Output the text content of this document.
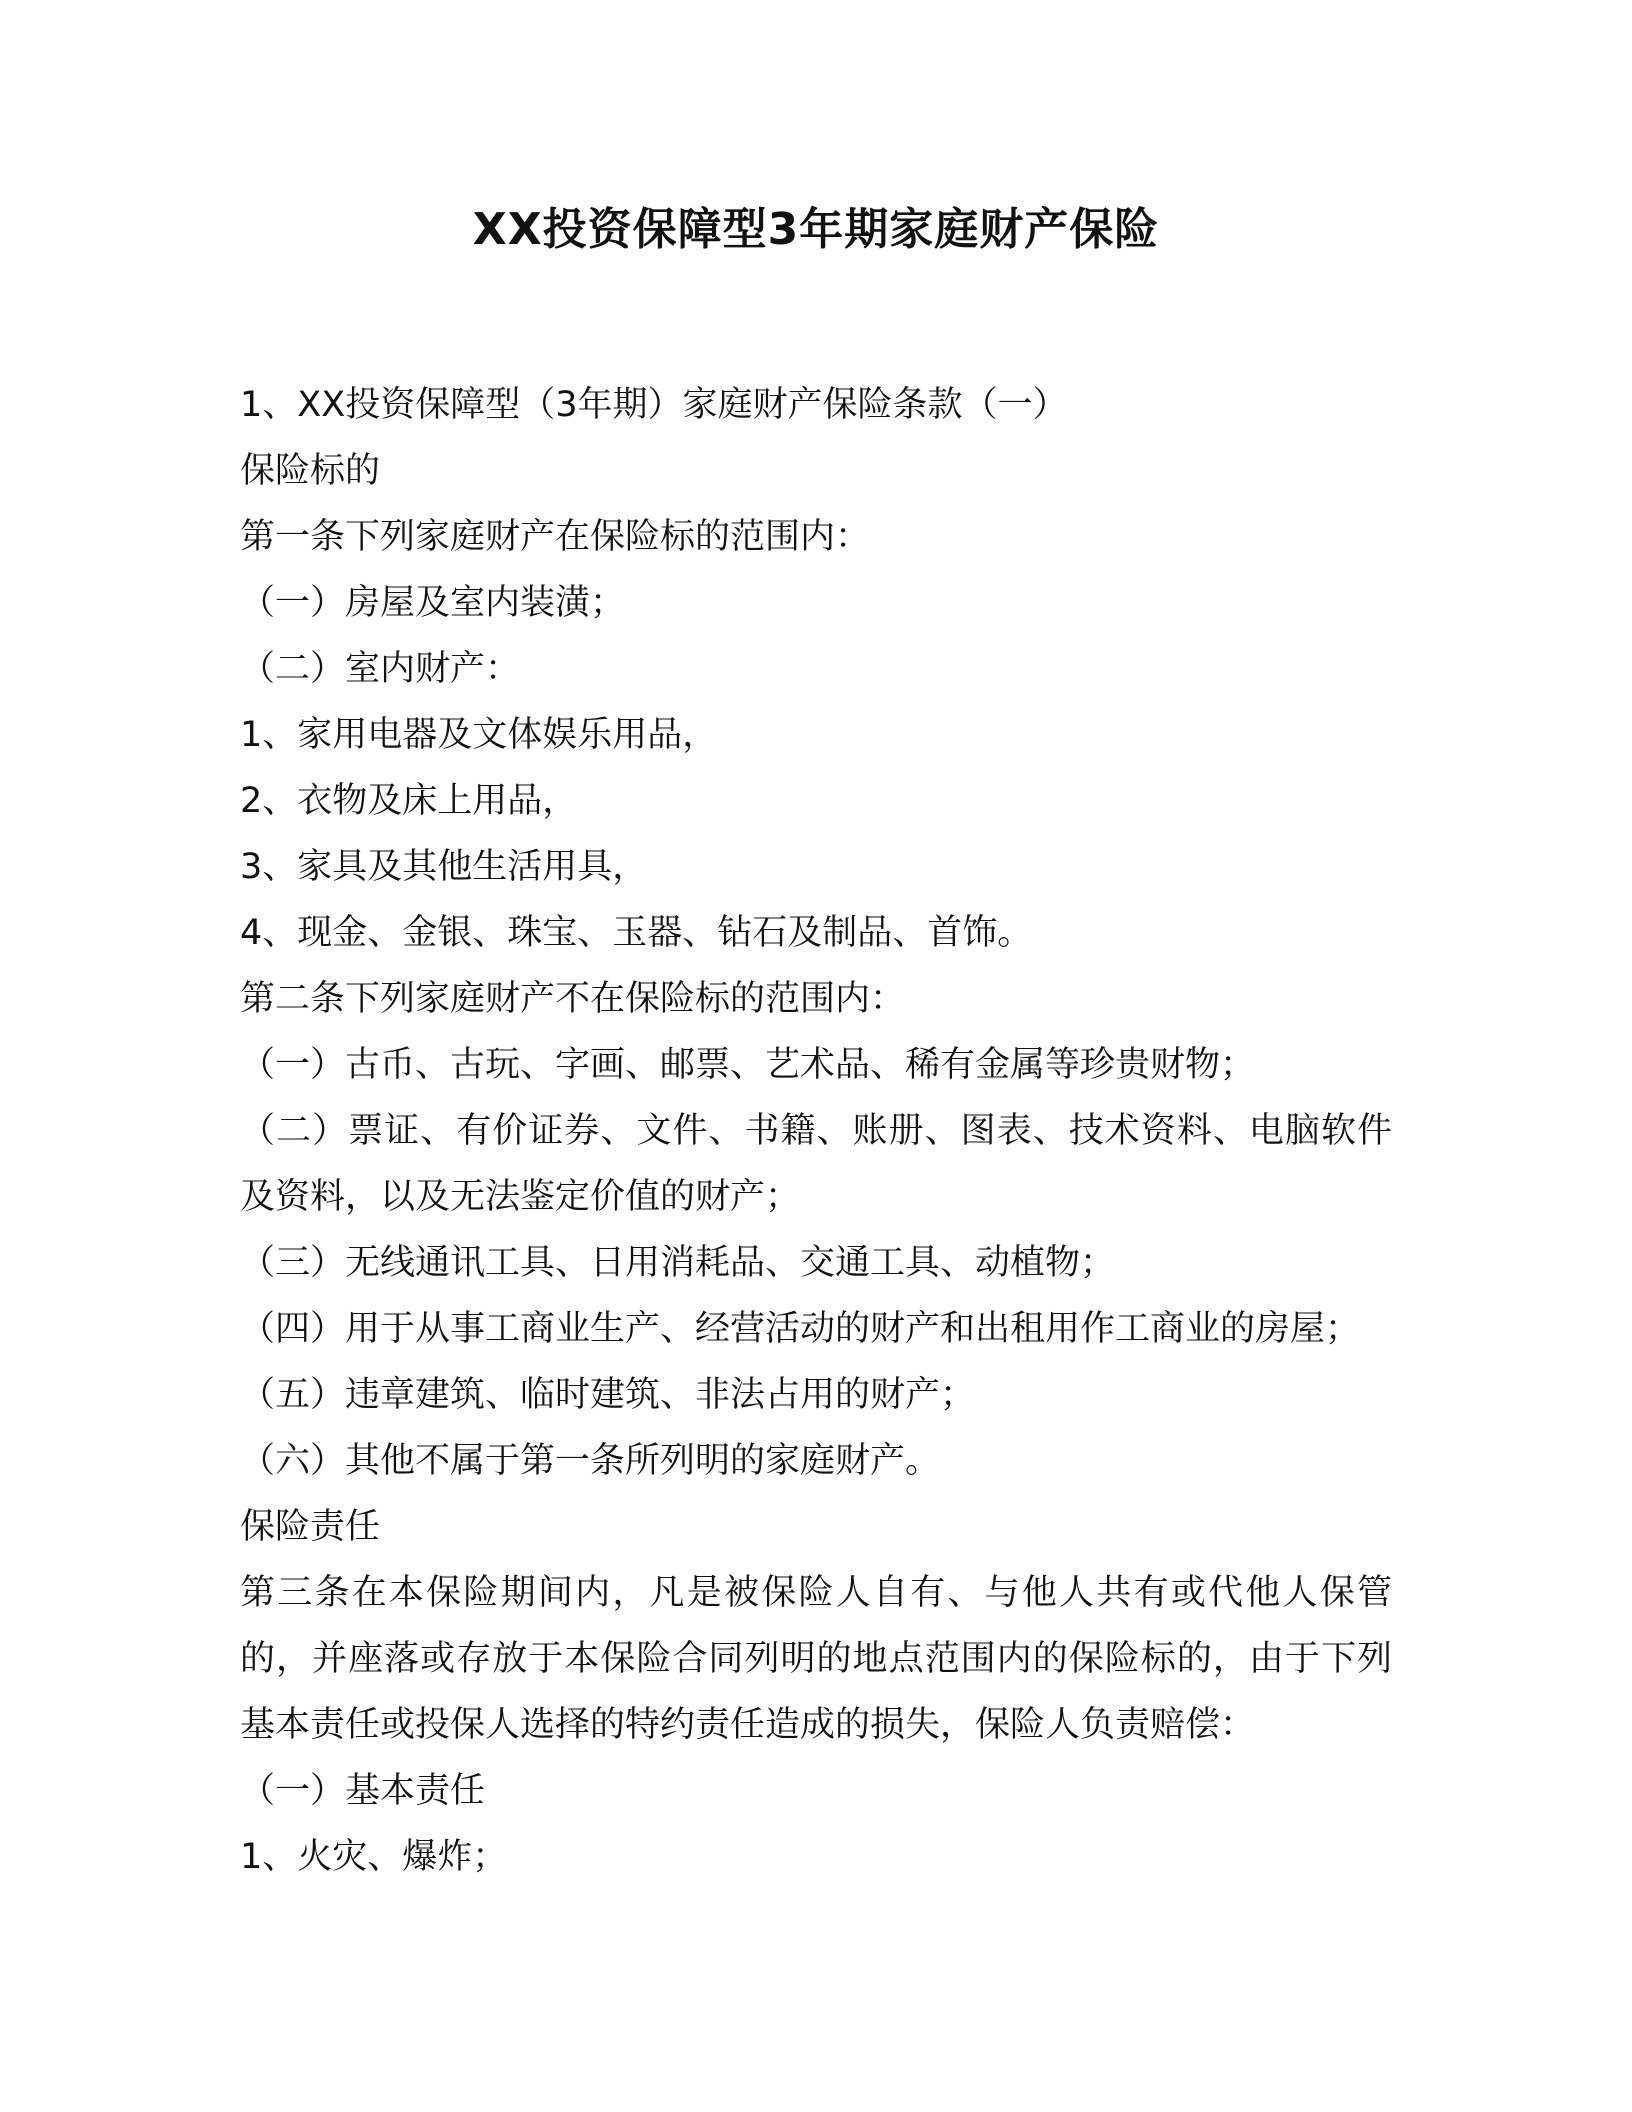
XX投资保障型3年期家庭财产保险

1、XX投资保障型（3年期）家庭财产保险条款（一）

保险标的

第一条下列家庭财产在保险标的范围内：

（一）房屋及室内装潢；

（二）室内财产：

1、家用电器及文体娱乐用品，

2、衣物及床上用品，

3、家具及其他生活用具，

4、现金、金银、珠宝、玉器、钻石及制品、首饰。

第二条下列家庭财产不在保险标的范围内：

（一）古币、古玩、字画、邮票、艺术品、稀有金属等珍贵财物；

（二）票证、有价证券、文件、书籍、账册、图表、技术资料、电脑软件及资料，以及无法鉴定价值的财产；

（三）无线通讯工具、日用消耗品、交通工具、动植物；

（四）用于从事工商业生产、经营活动的财产和出租用作工商业的房屋；

（五）违章建筑、临时建筑、非法占用的财产；

（六）其他不属于第一条所列明的家庭财产。

保险责任

第三条在本保险期间内，凡是被保险人自有、与他人共有或代他人保管的，并座落或存放于本保险合同列明的地点范围内的保险标的，由于下列基本责任或投保人选择的特约责任造成的损失，保险人负责赔偿：

（一）基本责任

1、火灾、爆炸；
